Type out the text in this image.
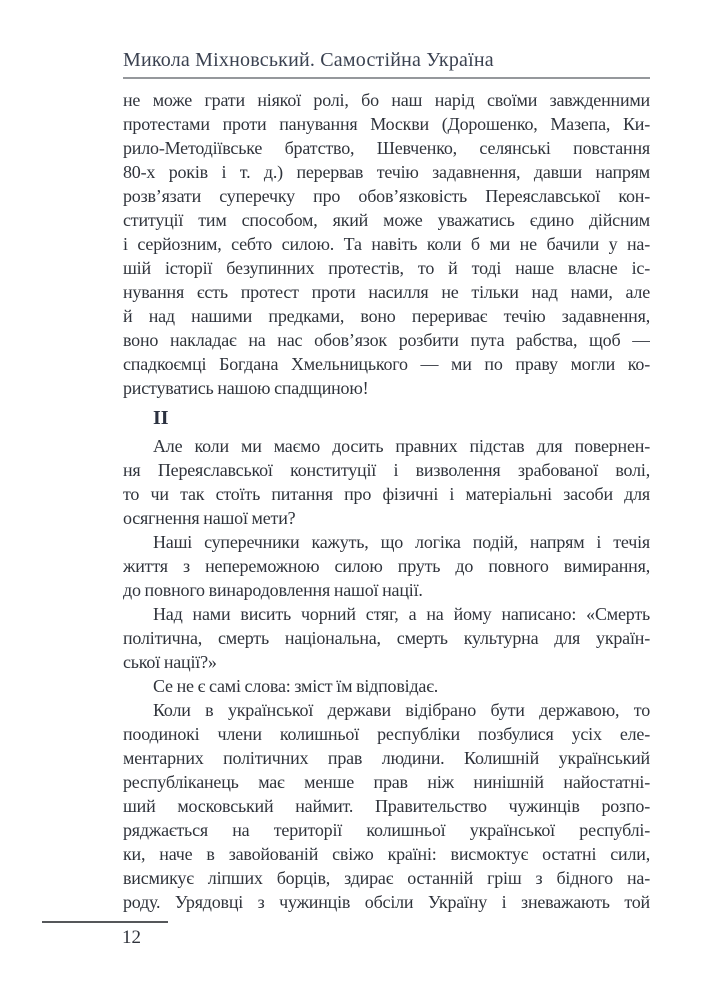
Микола Міхновський. Самостійна Україна
не може грати ніякої ролі, бо наш нарід своїми завжденними
протестами проти панування Москви (Дорошенко, Мазепа, Ки-
рило-Методіївське братство, Шевченко, селянські повстання
80-х років і т. д.) перервав течію задавнення, давши напрям
розв’язати суперечку про обов’язковість Переяславської кон-
ституції тим способом, який може уважатись єдино дійсним
і серйозним, себто силою. Та навіть коли б ми не бачили у на-
шій історії безупинних протестів, то й тоді наше власне іс-
нування єсть протест проти насилля не тільки над нами, але
й над нашими предками, воно перериває течію задавнення,
воно накладає на нас обов’язок розбити пута рабства, щоб —
спадкоємці Богдана Хмельницького — ми по праву могли ко-
ристуватись нашою спадщиною!
II
Але коли ми маємо досить правних підстав для повернен-
ня Переяславської конституції і визволення зрабованої волі,
то чи так стоїть питання про фізичні і матеріальні засоби для
осягнення нашої мети?
Наші суперечники кажуть, що логіка подій, напрям і течія
життя з непереможною силою пруть до повного вимирання,
до повного винародовлення нашої нації.
Над нами висить чорний стяг, а на йому написано: «Смерть
політична, смерть національна, смерть культурна для україн-
ської нації?»
Се не є самі слова: зміст їм відповідає.
Коли в української держави відібрано бути державою, то
поодинокі члени колишньої республіки позбулися усіх еле-
ментарних політичних прав людини. Колишній український
республіканець має менше прав ніж нинішній найостатні-
ший московський наймит. Правительство чужинців розпо-
ряджається на території колишньої української республі-
ки, наче в завойованій свіжо країні: висмоктує остатні сили,
висмикує ліпших борців, здирає останній гріш з бідного на-
роду. Урядовці з чужинців обсіли Україну і зневажають той
12
